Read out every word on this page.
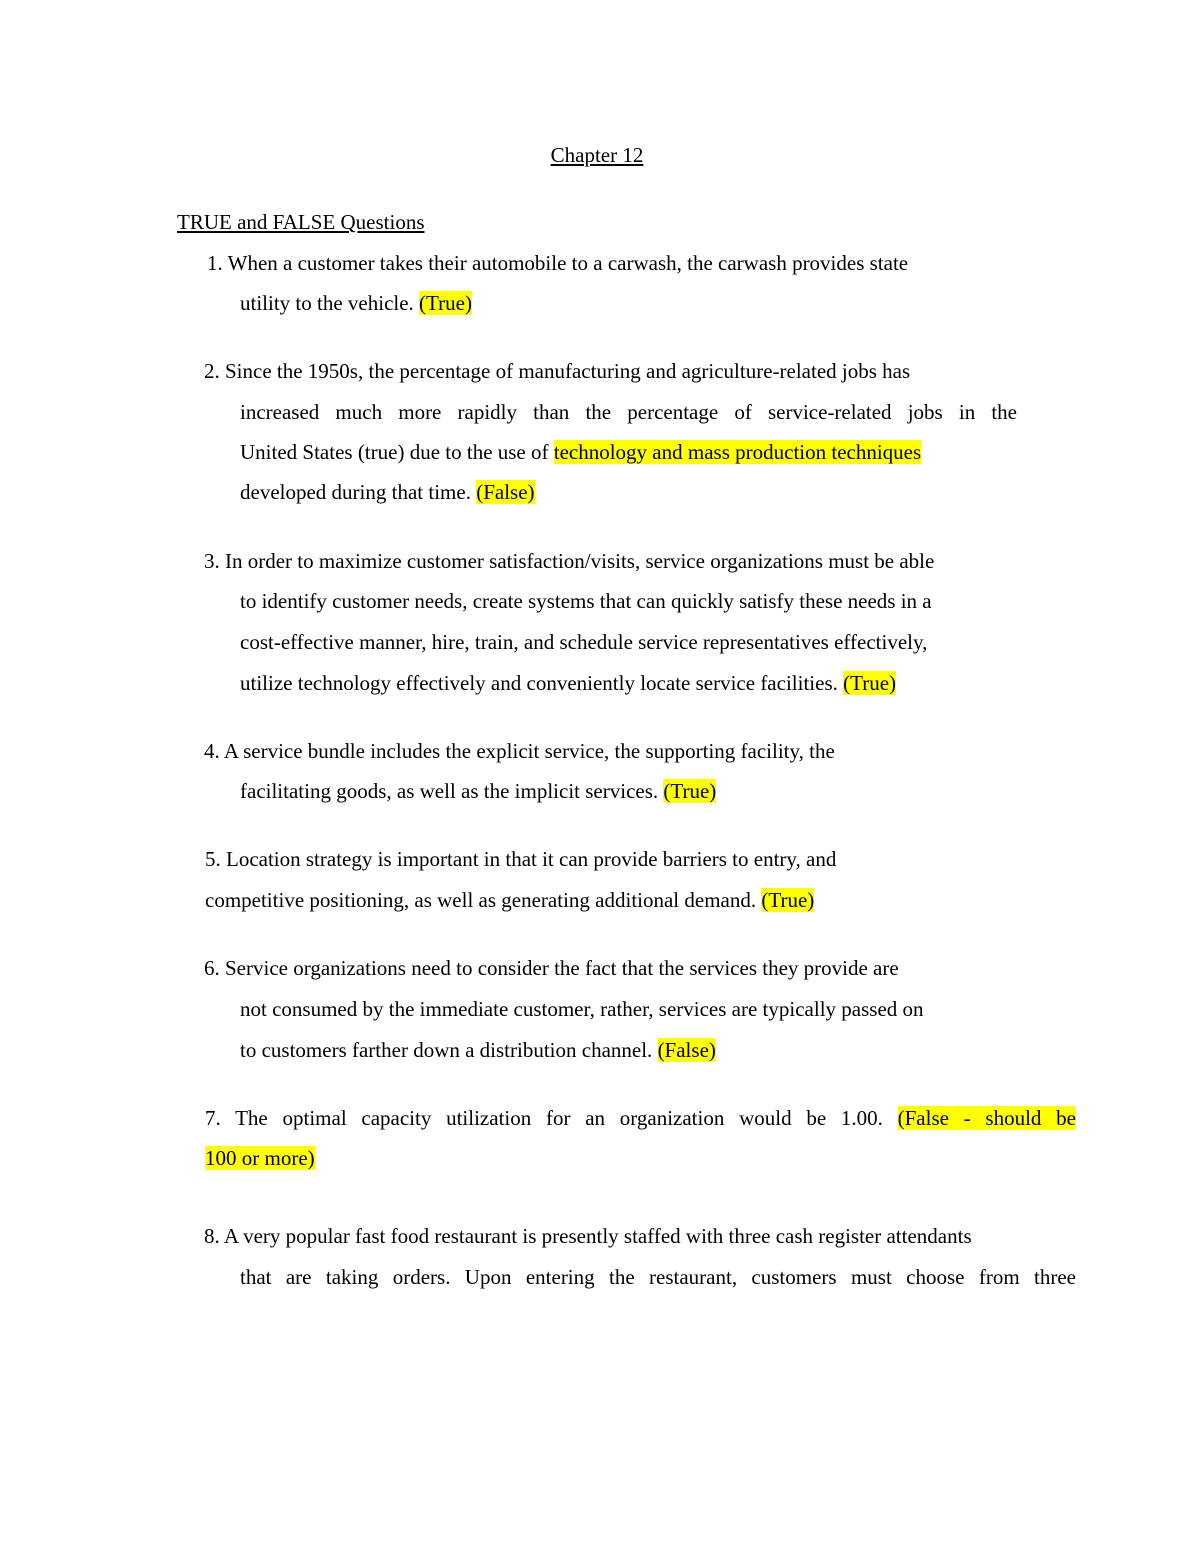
Chapter 12
TRUE and FALSE Questions
1. When a customer takes their automobile to a carwash, the carwash provides state
utility to the vehicle. (True)
2. Since the 1950s, the percentage of manufacturing and agriculture-related jobs has
increased much more rapidly than the percentage of service-related jobs in the
United States (true) due to the use of technology and mass production techniques
developed during that time. (False)
3. In order to maximize customer satisfaction/visits, service organizations must be able
to identify customer needs, create systems that can quickly satisfy these needs in a
cost-effective manner, hire, train, and schedule service representatives effectively,
utilize technology effectively and conveniently locate service facilities. (True)
4. A service bundle includes the explicit service, the supporting facility, the
facilitating goods, as well as the implicit services. (True)
5. Location strategy is important in that it can provide barriers to entry, and
competitive positioning, as well as generating additional demand. (True)
6. Service organizations need to consider the fact that the services they provide are
not consumed by the immediate customer, rather, services are typically passed on
to customers farther down a distribution channel. (False)
7. The optimal capacity utilization for an organization would be 1.00. (False - should be
100 or more)
8. A very popular fast food restaurant is presently staffed with three cash register attendants
that are taking orders. Upon entering the restaurant, customers must choose from three
